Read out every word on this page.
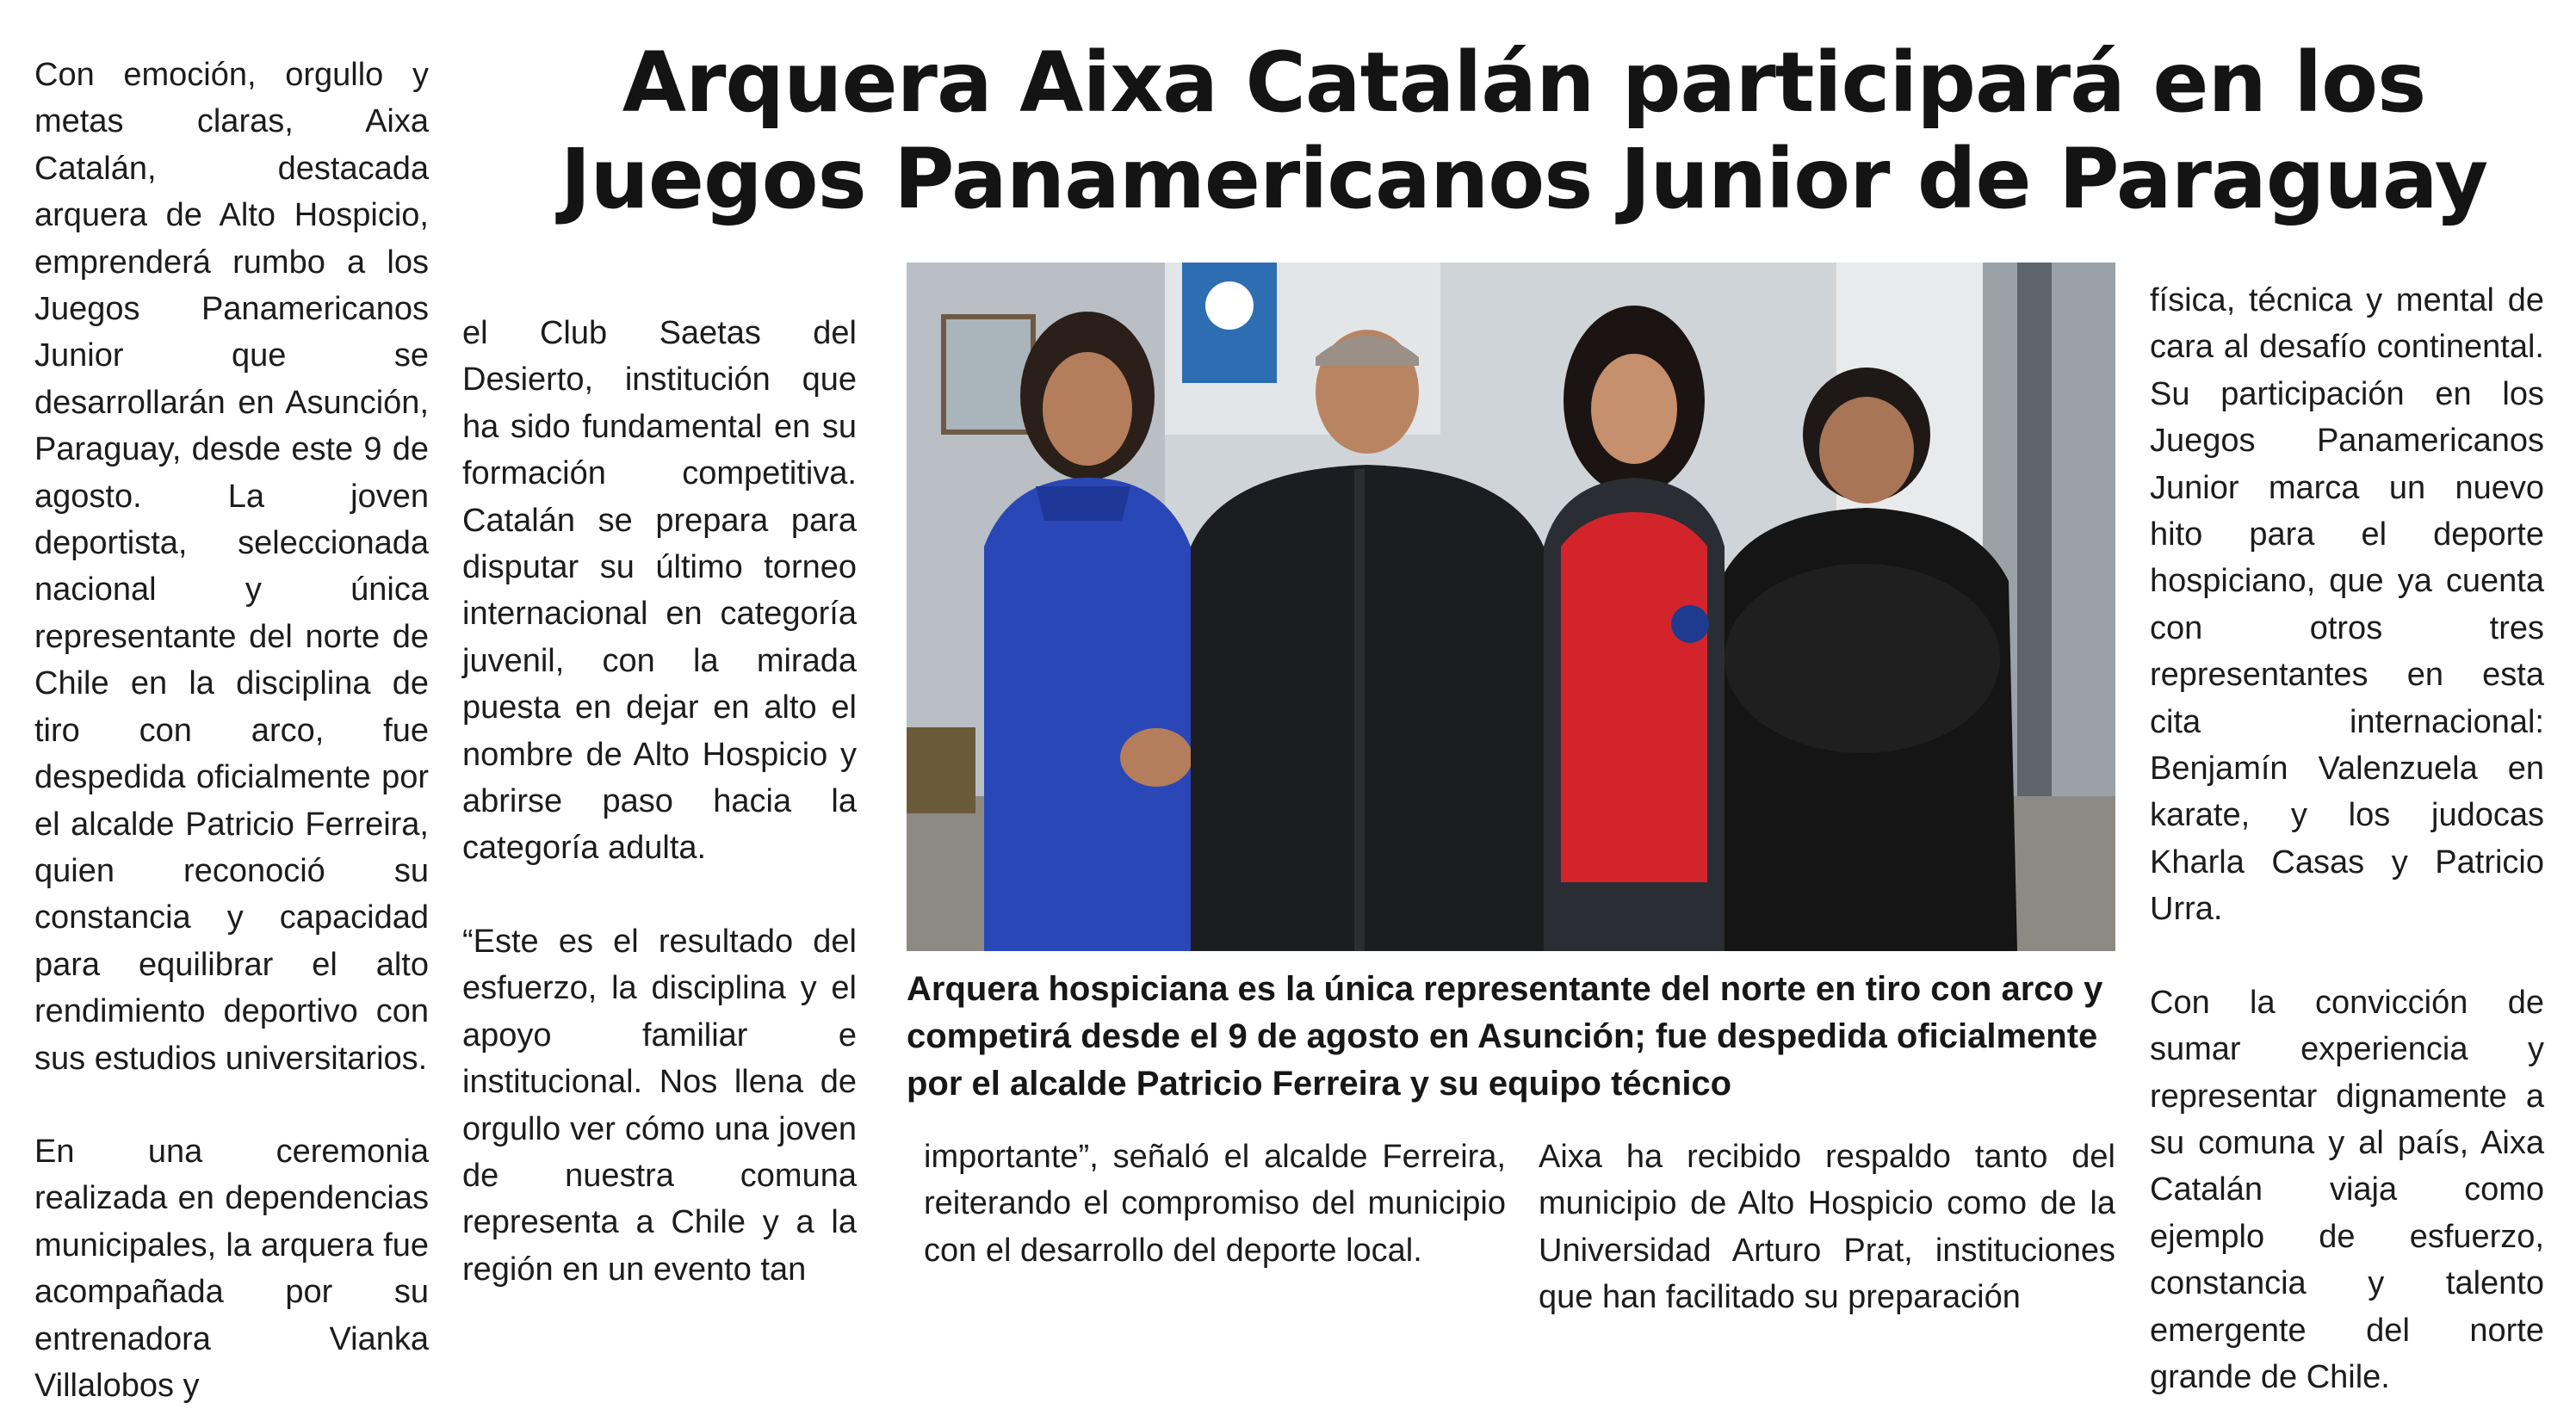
Arquera Aixa Catalán participará en los Juegos Panamericanos Junior de Paraguay

Con emoción, orgullo y metas claras, Aixa Catalán, destacada arquera de Alto Hospicio, emprenderá rumbo a los Juegos Panamericanos Junior que se desarrollarán en Asunción, Paraguay, desde este 9 de agosto. La joven deportista, seleccionada nacional y única representante del norte de Chile en la disciplina de tiro con arco, fue despedida oficialmente por el alcalde Patricio Ferreira, quien reconoció su constancia y capacidad para equilibrar el alto rendimiento deportivo con sus estudios universitarios.

En una ceremonia realizada en dependencias municipales, la arquera fue acompañada por su entrenadora Vianka Villalobos y

el Club Saetas del Desierto, institución que ha sido fundamental en su formación competitiva. Catalán se prepara para disputar su último torneo internacional en categoría juvenil, con la mirada puesta en dejar en alto el nombre de Alto Hospicio y abrirse paso hacia la categoría adulta.

“Este es el resultado del esfuerzo, la disciplina y el apoyo familiar e institucional. Nos llena de orgullo ver cómo una joven de nuestra comuna representa a Chile y a la región en un evento tan

Arquera hospiciana es la única representante del norte en tiro con arco y competirá desde el 9 de agosto en Asunción; fue despedida oficialmente por el alcalde Patricio Ferreira y su equipo técnico

importante”, señaló el alcalde Ferreira, reiterando el compromiso del municipio con el desarrollo del deporte local.

Aixa ha recibido respaldo tanto del municipio de Alto Hospicio como de la Universidad Arturo Prat, instituciones que han facilitado su preparación

física, técnica y mental de cara al desafío continental. Su participación en los Juegos Panamericanos Junior marca un nuevo hito para el deporte hospiciano, que ya cuenta con otros tres representantes en esta cita internacional: Benjamín Valenzuela en karate, y los judocas Kharla Casas y Patricio Urra.

Con la convicción de sumar experiencia y representar dignamente a su comuna y al país, Aixa Catalán viaja como ejemplo de esfuerzo, constancia y talento emergente del norte grande de Chile.
